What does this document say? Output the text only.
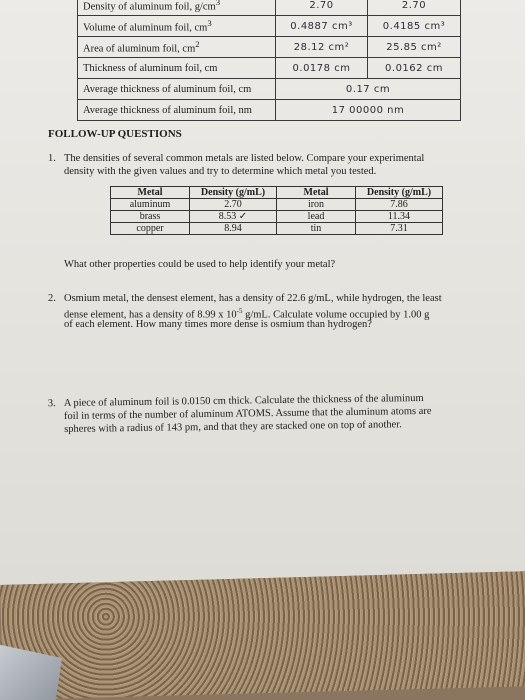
Density of aluminum foil, $g/cm^3$	2.70	2.70
Volume of aluminum foil, $cm^3$	0.4887 cm³	0.4185 cm³
Area of aluminum foil, $cm^2$	28.12 cm²	25.85 cm²
Thickness of aluminum foil, cm	0.0178 cm	0.0162 cm
Average thickness of aluminum foil, cm	0.17 cm	
Average thickness of aluminum foil, nm	17 00000 nm	
FOLLOW-UP QUESTIONS
1. The densities of several common metals are listed below. Compare your experimental
density with the given values and try to determine which metal you tested.
Metal	Density (g/mL)	Metal	Density (g/mL)
aluminum	2.70	iron	7.86
brass	8.53 ✓	lead	11.34
copper	8.94	tin	7.31
What other properties could be used to help identify your metal?
2. Osmium metal, the densest element, has a density of 22.6 g/mL, while hydrogen, the least
dense element, has a density of 8.99 x $10^{-5}$ g/mL. Calculate volume occupied by 1.00 g
of each element. How many times more dense is osmium than hydrogen?
3. A piece of aluminum foil is 0.0150 cm thick. Calculate the thickness of the aluminum
foil in terms of the number of aluminum ATOMS. Assume that the aluminum atoms are
spheres with a radius of 143 pm, and that they are stacked one on top of another.
